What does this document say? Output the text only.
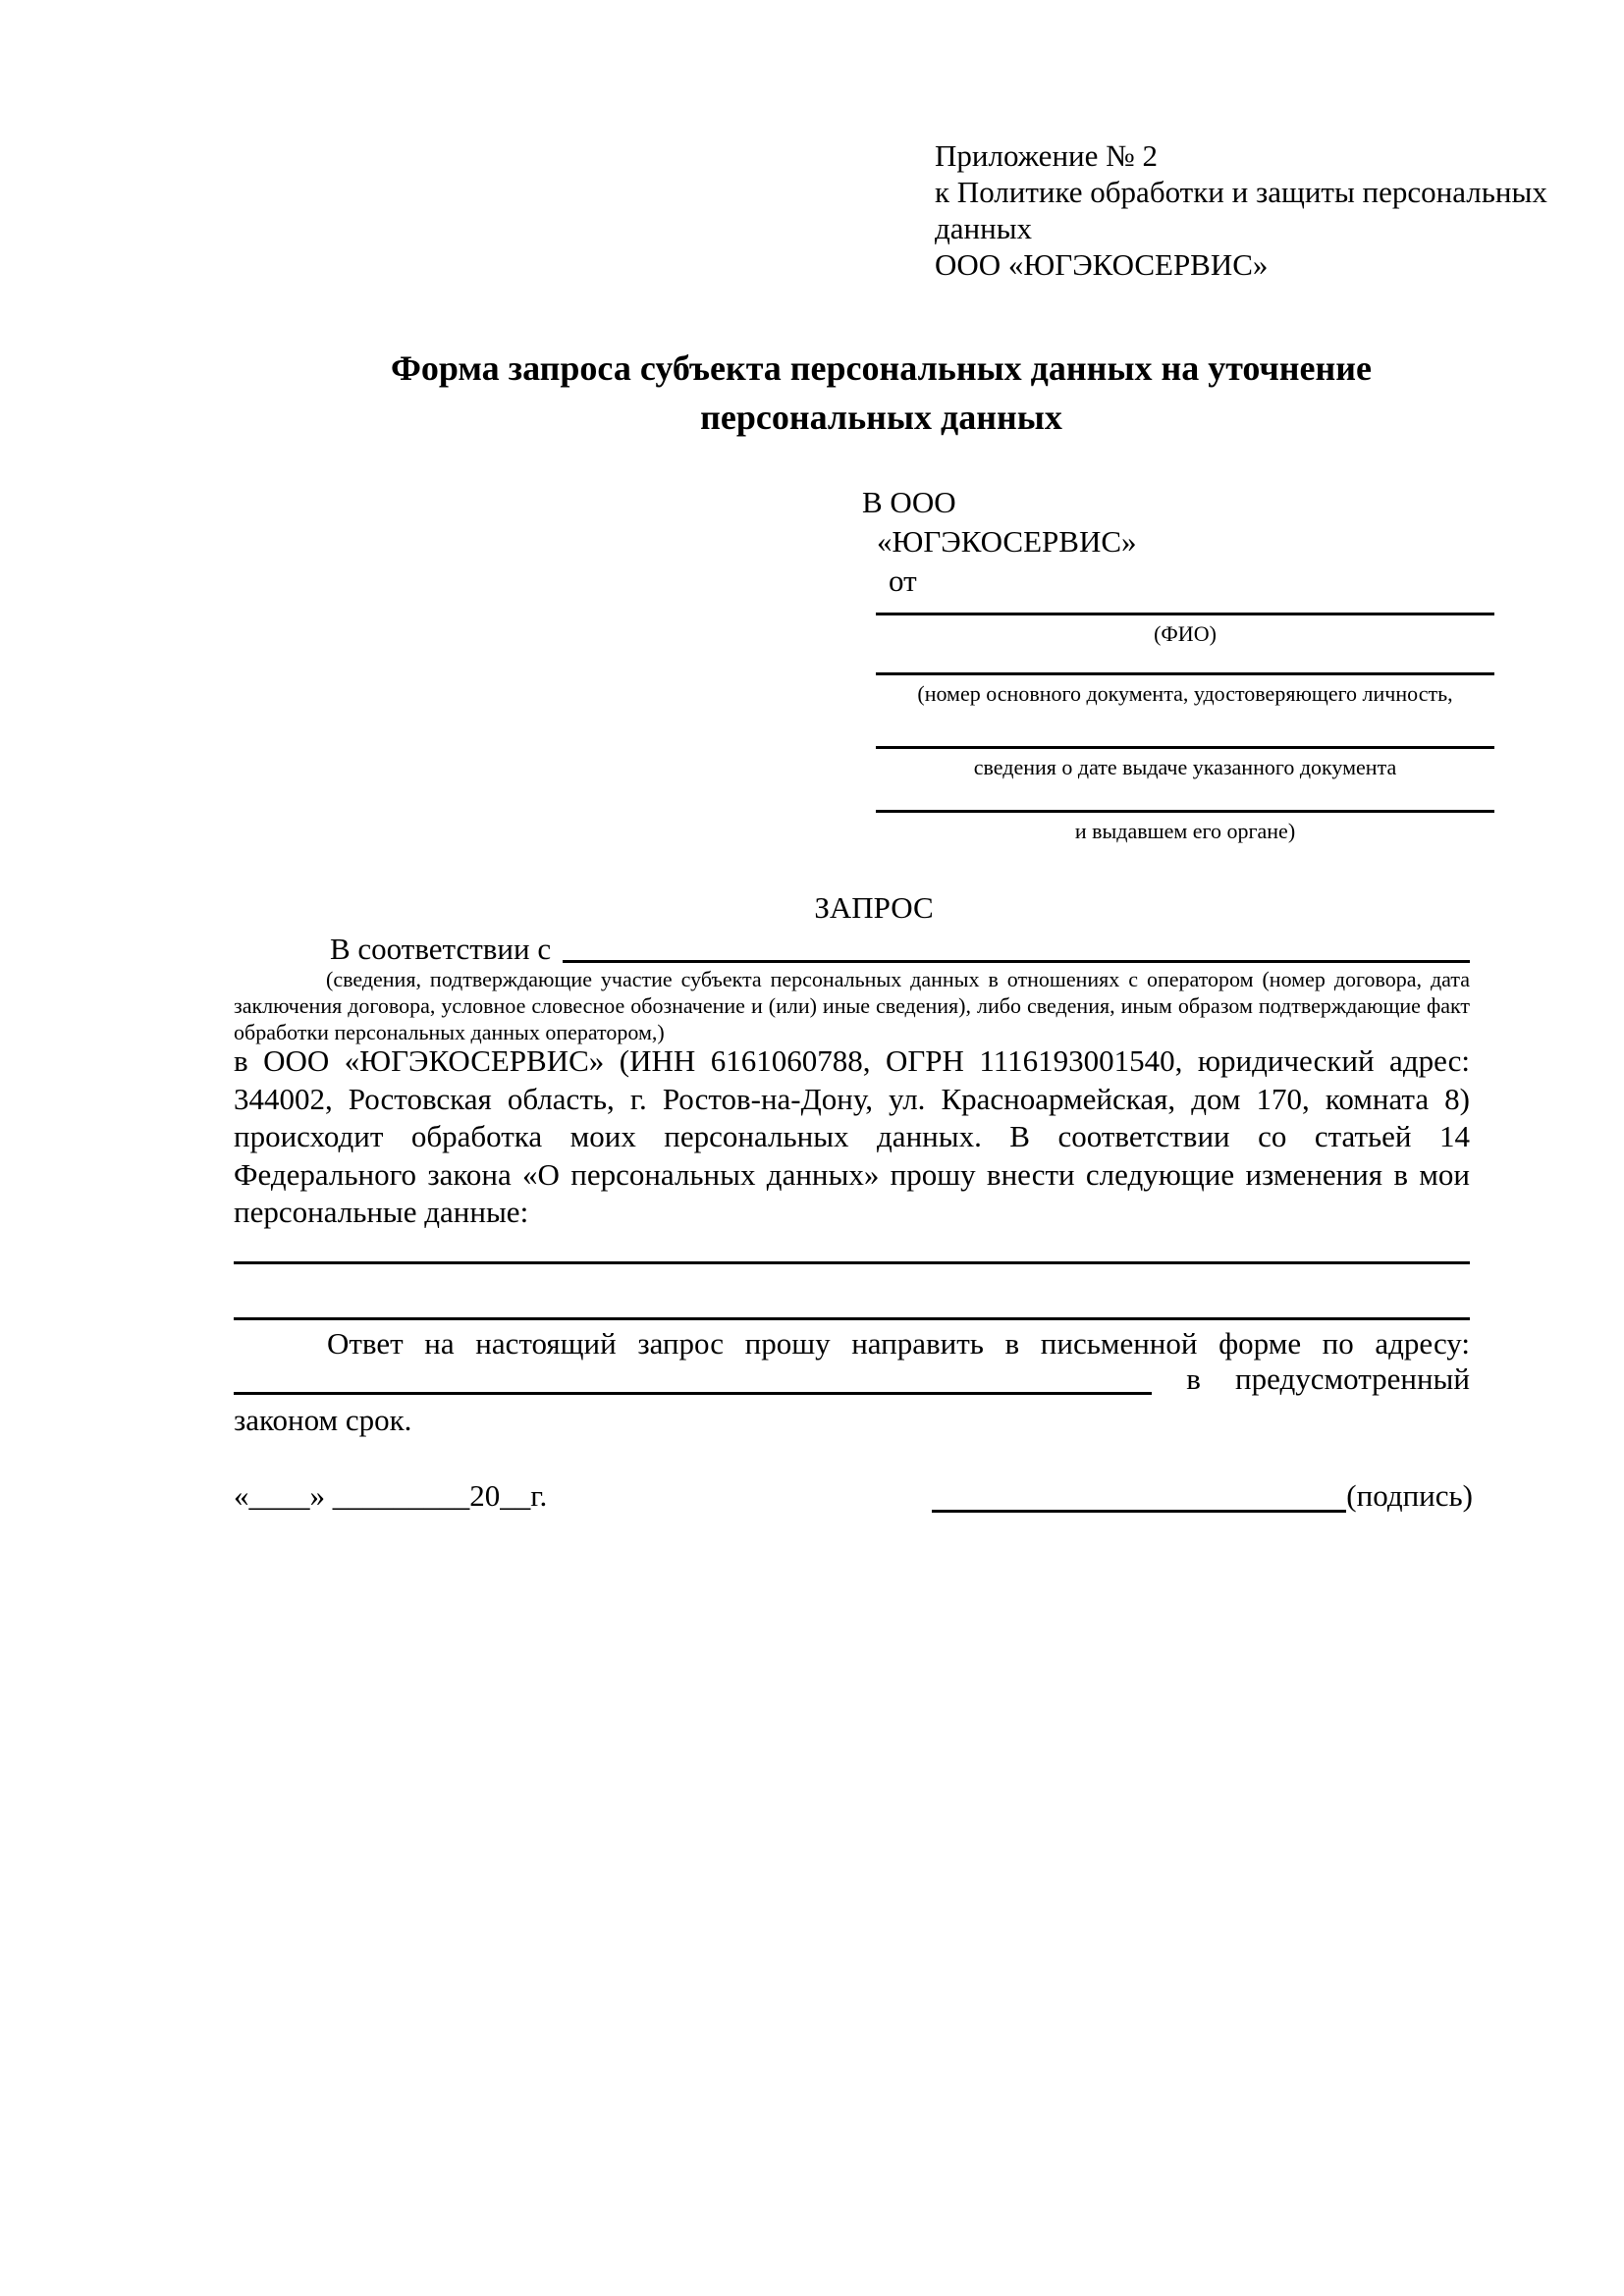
Приложение № 2
к Политике обработки и защиты персональных данных
ООО «ЮГЭКОСЕРВИС»
Форма запроса субъекта персональных данных на уточнение персональных данных
В ООО
«ЮГЭКОСЕРВИС»
от
(ФИО)
(номер основного документа, удостоверяющего личность,
сведения о дате выдаче указанного документа
и выдавшем его органе)
ЗАПРОС
В соответствии с
(сведения, подтверждающие участие субъекта персональных данных в отношениях с оператором (номер договора, дата заключения договора, условное словесное обозначение и (или) иные сведения), либо сведения, иным образом подтверждающие факт обработки персональных данных оператором,)
в ООО «ЮГЭКОСЕРВИС» (ИНН 6161060788, ОГРН 1116193001540, юридический адрес: 344002, Ростовская область, г. Ростов-на-Дону, ул. Красноармейская, дом 170, комната 8) происходит обработка моих персональных данных. В соответствии со статьей 14 Федерального закона «О персональных данных» прошу внести следующие изменения в мои персональные данные:
Ответ на настоящий запрос прошу направить в письменной форме по адресу:
в предусмотренный
законом срок.
«____» _________20__г.	(подпись)
